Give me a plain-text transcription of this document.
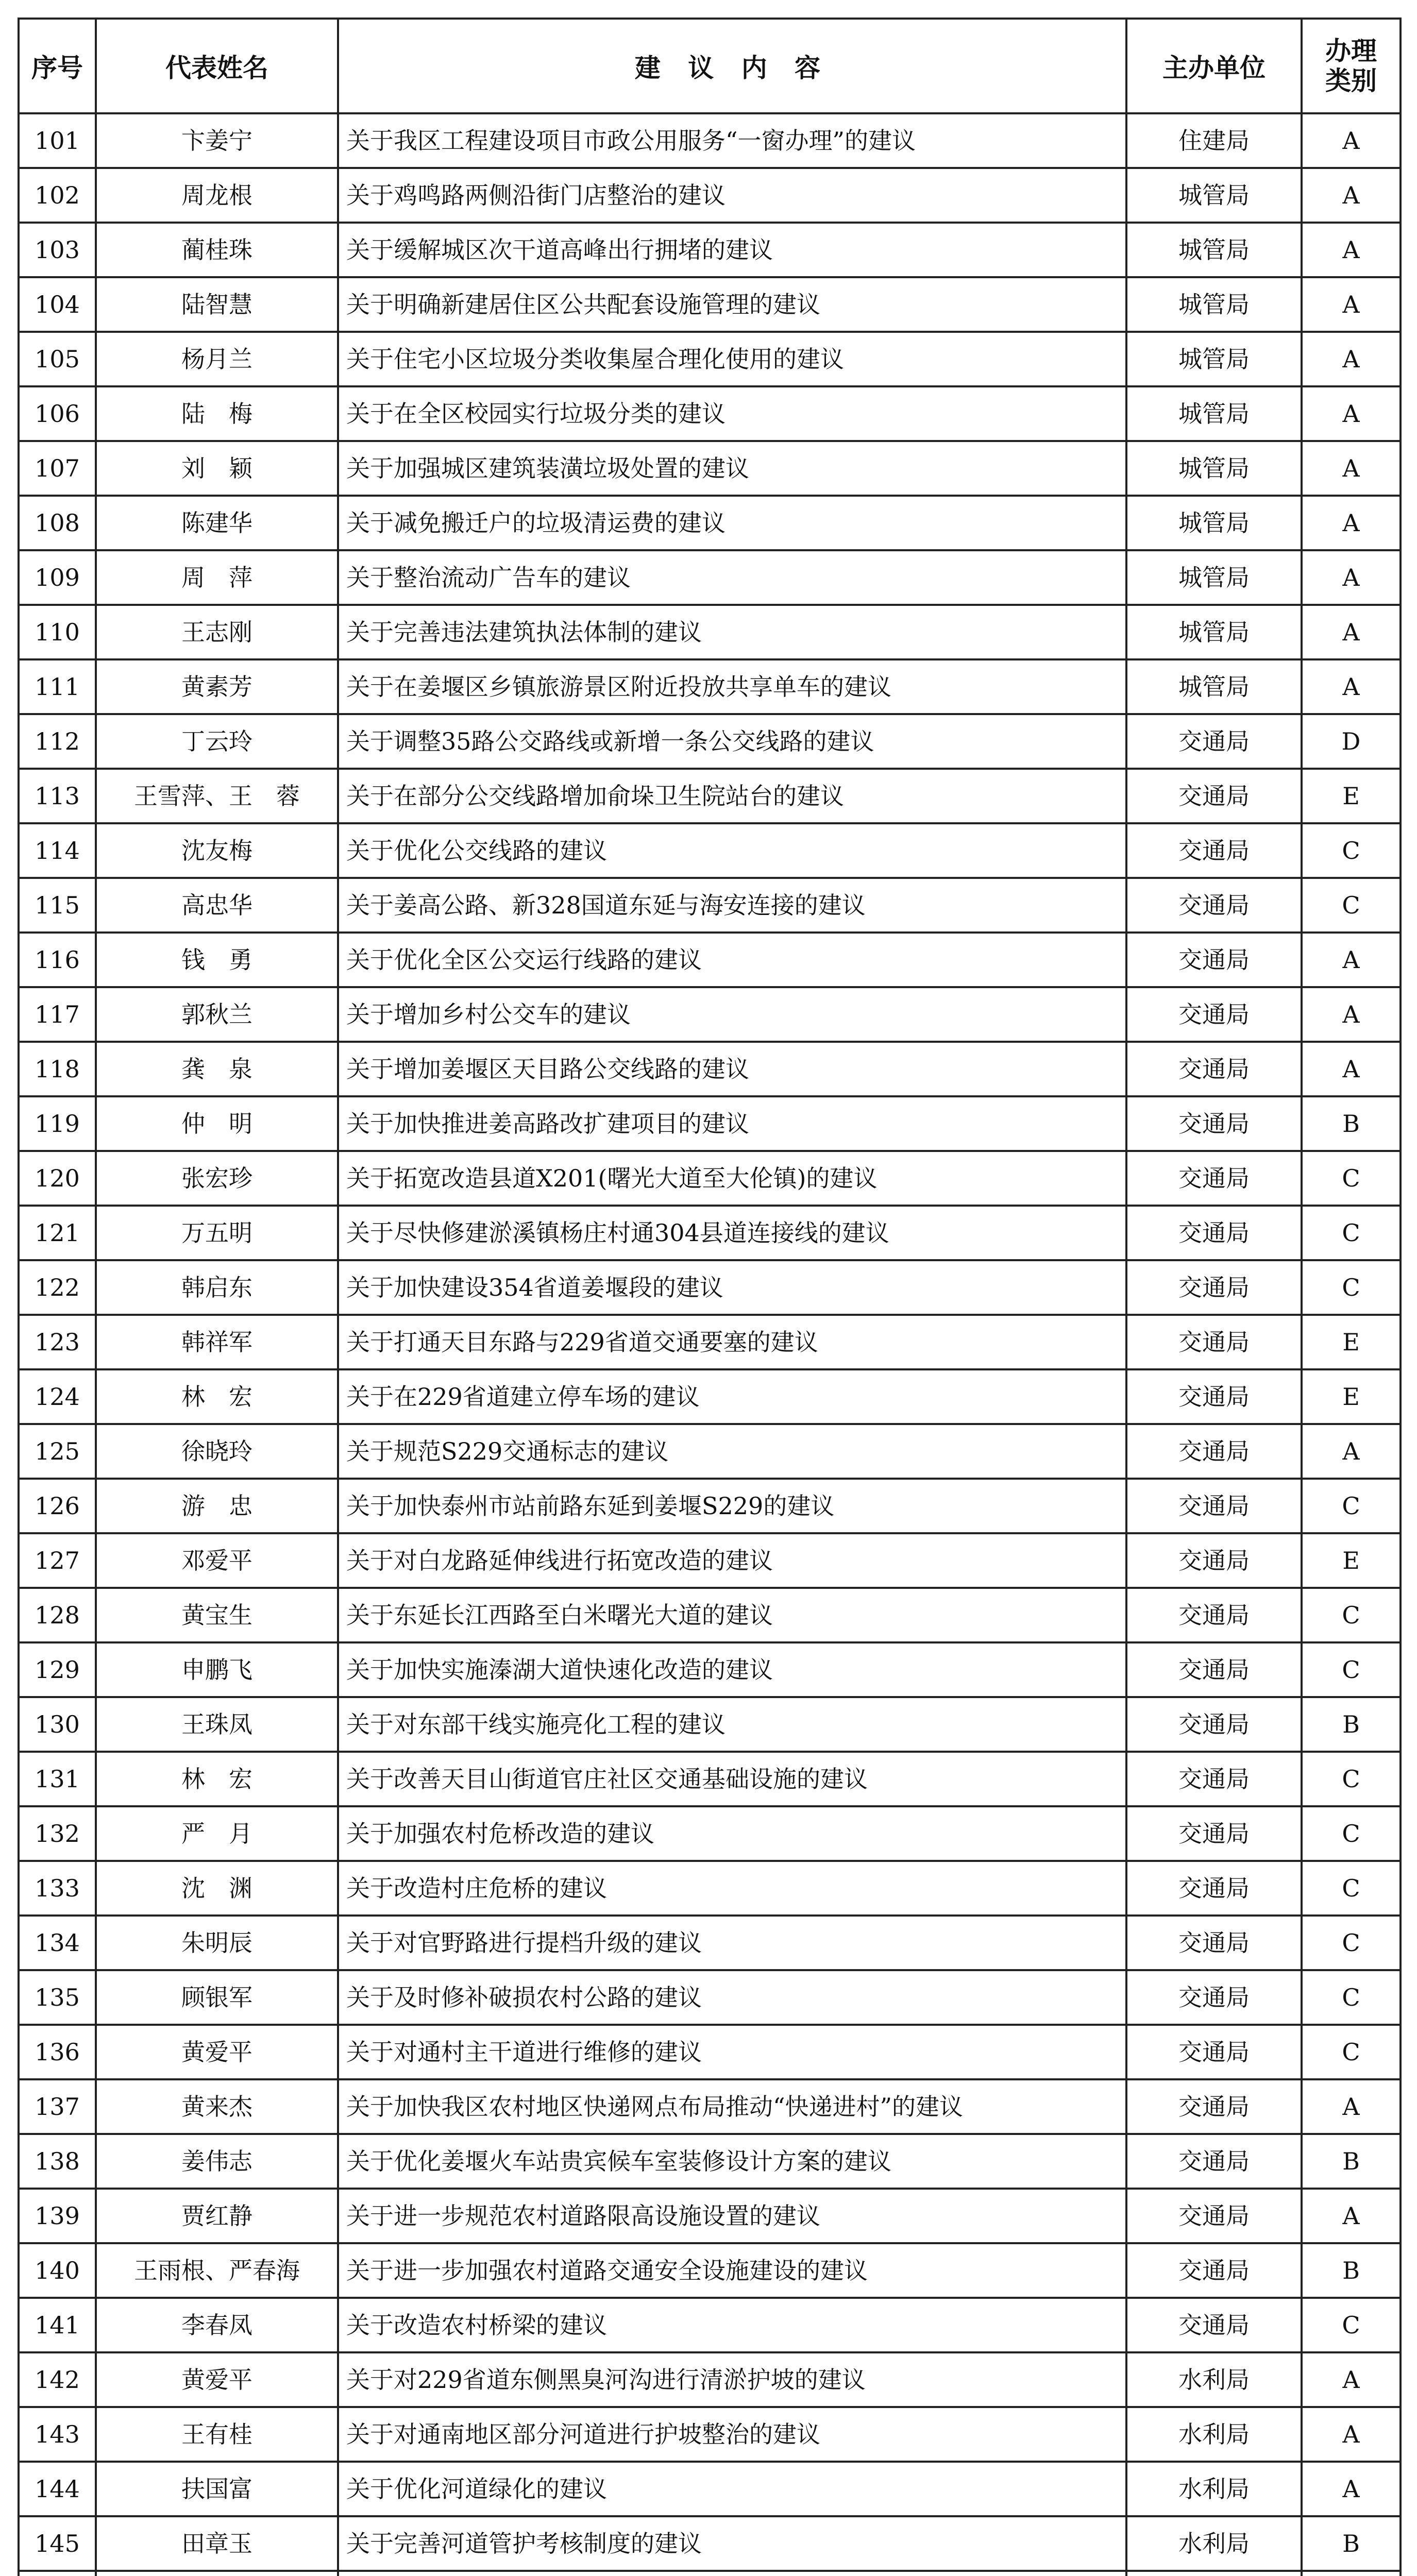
序号	代表姓名	建 议 内 容	主办单位	办理
类别

101	卞姜宁	关于我区工程建设项目市政公用服务“一窗办理”的建议	住建局	A
102	周龙根	关于鸡鸣路两侧沿街门店整治的建议	城管局	A
103	蔺桂珠	关于缓解城区次干道高峰出行拥堵的建议	城管局	A
104	陆智慧	关于明确新建居住区公共配套设施管理的建议	城管局	A
105	杨月兰	关于住宅小区垃圾分类收集屋合理化使用的建议	城管局	A
106	陆　梅	关于在全区校园实行垃圾分类的建议	城管局	A
107	刘　颖	关于加强城区建筑装潢垃圾处置的建议	城管局	A
108	陈建华	关于减免搬迁户的垃圾清运费的建议	城管局	A
109	周　萍	关于整治流动广告车的建议	城管局	A
110	王志刚	关于完善违法建筑执法体制的建议	城管局	A
111	黄素芳	关于在姜堰区乡镇旅游景区附近投放共享单车的建议	城管局	A
112	丁云玲	关于调整35路公交路线或新增一条公交线路的建议	交通局	D
113	王雪萍、王　蓉	关于在部分公交线路增加俞垛卫生院站台的建议	交通局	E
114	沈友梅	关于优化公交线路的建议	交通局	C
115	高忠华	关于姜高公路、新328国道东延与海安连接的建议	交通局	C
116	钱　勇	关于优化全区公交运行线路的建议	交通局	A
117	郭秋兰	关于增加乡村公交车的建议	交通局	A
118	龚　泉	关于增加姜堰区天目路公交线路的建议	交通局	A
119	仲　明	关于加快推进姜高路改扩建项目的建议	交通局	B
120	张宏珍	关于拓宽改造县道X201(曙光大道至大伦镇)的建议	交通局	C
121	万五明	关于尽快修建淤溪镇杨庄村通304县道连接线的建议	交通局	C
122	韩启东	关于加快建设354省道姜堰段的建议	交通局	C
123	韩祥军	关于打通天目东路与229省道交通要塞的建议	交通局	E
124	林　宏	关于在229省道建立停车场的建议	交通局	E
125	徐晓玲	关于规范S229交通标志的建议	交通局	A
126	游　忠	关于加快泰州市站前路东延到姜堰S229的建议	交通局	C
127	邓爱平	关于对白龙路延伸线进行拓宽改造的建议	交通局	E
128	黄宝生	关于东延长江西路至白米曙光大道的建议	交通局	C
129	申鹏飞	关于加快实施溱湖大道快速化改造的建议	交通局	C
130	王珠凤	关于对东部干线实施亮化工程的建议	交通局	B
131	林　宏	关于改善天目山街道官庄社区交通基础设施的建议	交通局	C
132	严　月	关于加强农村危桥改造的建议	交通局	C
133	沈　渊	关于改造村庄危桥的建议	交通局	C
134	朱明辰	关于对官野路进行提档升级的建议	交通局	C
135	顾银军	关于及时修补破损农村公路的建议	交通局	C
136	黄爱平	关于对通村主干道进行维修的建议	交通局	C
137	黄来杰	关于加快我区农村地区快递网点布局推动“快递进村”的建议	交通局	A
138	姜伟志	关于优化姜堰火车站贵宾候车室装修设计方案的建议	交通局	B
139	贾红静	关于进一步规范农村道路限高设施设置的建议	交通局	A
140	王雨根、严春海	关于进一步加强农村道路交通安全设施建设的建议	交通局	B
141	李春凤	关于改造农村桥梁的建议	交通局	C
142	黄爱平	关于对229省道东侧黑臭河沟进行清淤护坡的建议	水利局	A
143	王有桂	关于对通南地区部分河道进行护坡整治的建议	水利局	A
144	扶国富	关于优化河道绿化的建议	水利局	A
145	田章玉	关于完善河道管护考核制度的建议	水利局	B
